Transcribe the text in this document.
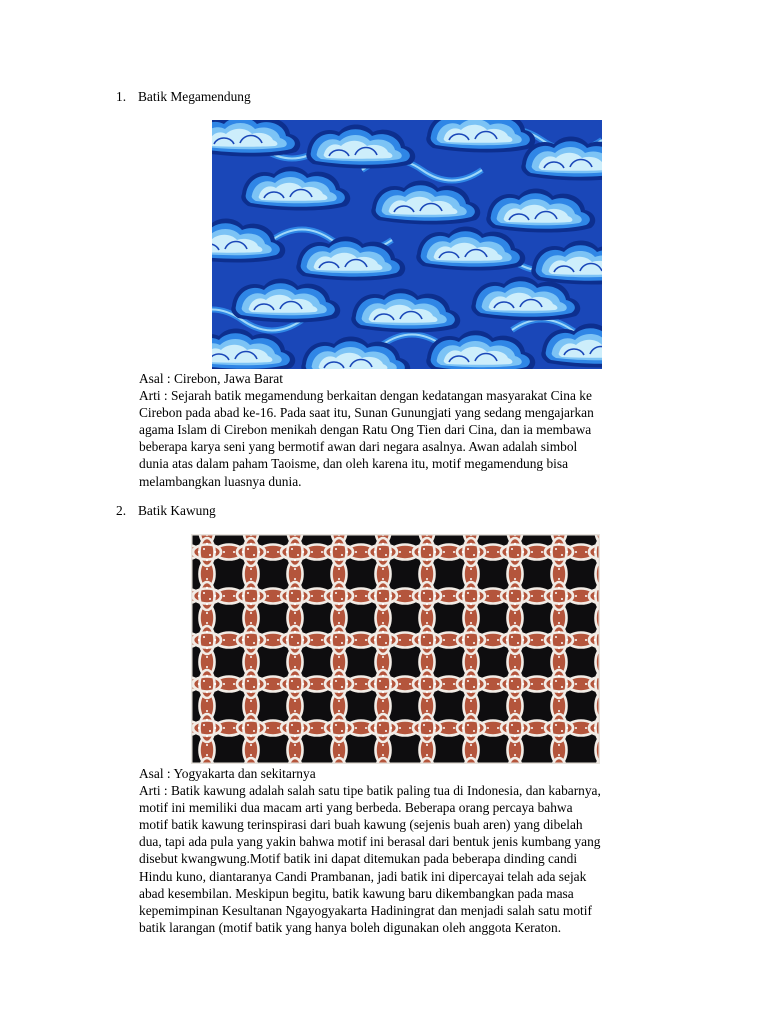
1. Batik Megamendung

Asal : Cirebon, Jawa Barat
Arti : Sejarah batik megamendung berkaitan dengan kedatangan masyarakat Cina ke
Cirebon pada abad ke-16. Pada saat itu, Sunan Gunungjati yang sedang mengajarkan
agama Islam di Cirebon menikah dengan Ratu Ong Tien dari Cina, dan ia membawa
beberapa karya seni yang bermotif awan dari negara asalnya. Awan adalah simbol
dunia atas dalam paham Taoisme, dan oleh karena itu, motif megamendung bisa
melambangkan luasnya dunia.

2. Batik Kawung

Asal : Yogyakarta dan sekitarnya
Arti : Batik kawung adalah salah satu tipe batik paling tua di Indonesia, dan kabarnya,
motif ini memiliki dua macam arti yang berbeda. Beberapa orang percaya bahwa
motif batik kawung terinspirasi dari buah kawung (sejenis buah aren) yang dibelah
dua, tapi ada pula yang yakin bahwa motif ini berasal dari bentuk jenis kumbang yang
disebut kwangwung.Motif batik ini dapat ditemukan pada beberapa dinding candi
Hindu kuno, diantaranya Candi Prambanan, jadi batik ini dipercayai telah ada sejak
abad kesembilan. Meskipun begitu, batik kawung baru dikembangkan pada masa
kepemimpinan Kesultanan Ngayogyakarta Hadiningrat dan menjadi salah satu motif
batik larangan (motif batik yang hanya boleh digunakan oleh anggota Keraton.
